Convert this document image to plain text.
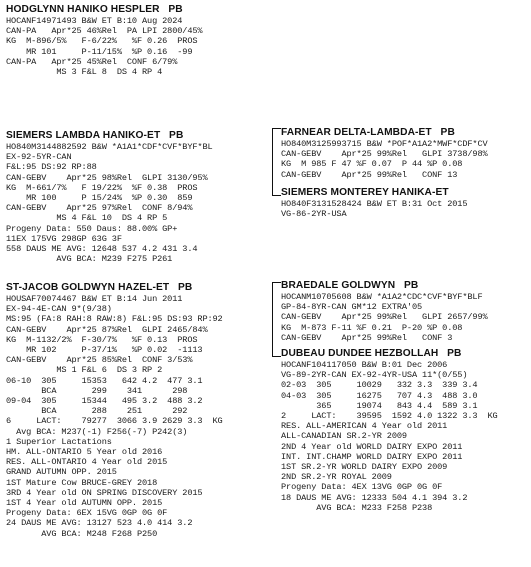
HODGLYNN HANIKO HESPLER   PB
HOCANF14971493 B&W ET B:10 Aug 2024
CAN-PA   Apr*25 46%Rel  PA LPI 2800/45%
KG  M-896/5%   F-6/22%   %F 0.26  PROS
MR 101     P-11/15%  %P 0.16  -99
CAN-PA   Apr*25 45%Rel  CONF 6/79%
MS 3 F&L 8  DS 4 RP 4
SIEMERS LAMBDA HANIKO-ET   PB
HO840M3144882592 B&W *A1A1*CDF*CVF*BYF*BL
EX-92-5YR-CAN
F&L:95 DS:92 RP:88
CAN-GEBV    Apr*25 98%Rel  GLPI 3130/95%
KG  M-661/7%   F 19/22%  %F 0.38  PROS
MR 100     P 15/24%  %P 0.30  859
CAN-GEBV    Apr*25 97%Rel  CONF 8/94%
MS 4 F&L 10  DS 4 RP 5
Progeny Data: 550 Daus: 88.00% GP+
11EX 175VG 298GP 63G 3F
558 DAUS ME AVG: 12648 537 4.2 431 3.4
AVG BCA: M239 F275 P261
FARNEAR DELTA-LAMBDA-ET   PB
HO840M3125993715 B&W *POF*A1A2*MWF*CDF*CV
CAN-GEBV    Apr*25 99%Rel   GLPI 3738/98%
KG  M 985 F 47 %F 0.07  P 44 %P 0.08
CAN-GEBV    Apr*25 99%Rel   CONF 13
SIEMERS MONTEREY HANIKA-ET
HO840F3131528424 B&W ET B:31 Oct 2015
VG-86-2YR-USA
ST-JACOB GOLDWYN HAZEL-ET   PB
HOUSAF70074467 B&W ET B:14 Jun 2011
EX-94-4E-CAN 9*(9/38)
MS:95 (FA:8 RAH:8 RAW:8) F&L:95 DS:93 RP:92
CAN-GEBV    Apr*25 87%Rel  GLPI 2465/84%
KG  M-1132/2%  F-30/7%   %F 0.13  PROS
MR 102     P-37/1%   %P 0.02  -1113
CAN-GEBV    Apr*25 85%Rel  CONF 3/53%
MS 1 F&L 6  DS 3 RP 2
06-10  305     15353   642 4.2  477 3.1
BCA       299    341      298
09-04  305     15344   495 3.2  488 3.2
BCA       288    251      292
6     LACT:    79277  3066 3.9 2629 3.3  KG
Avg BCA: M237(-1) F256(-7) P242(3)
1 Superior Lactations
HM. ALL-ONTARIO 5 Year old 2016
RES. ALL-ONTARIO 4 Year old 2015
GRAND AUTUMN OPP. 2015
1ST Mature Cow BRUCE-GREY 2018
3RD 4 Year old ON SPRING DISCOVERY 2015
1ST 4 Year old AUTUMN OPP. 2015
Progeny Data: 6EX 15VG 0GP 0G 0F
24 DAUS ME AVG: 13127 523 4.0 414 3.2
AVG BCA: M248 F268 P250
BRAEDALE GOLDWYN   PB
HOCANM10705608 B&W *A1A2*CDC*CVF*BYF*BLF
GP-84-8YR-CAN GM*12 EXTRA'05
CAN-GEBV    Apr*25 99%Rel   GLPI 2657/99%
KG  M-873 F-11 %F 0.21  P-20 %P 0.08
CAN-GEBV    Apr*25 99%Rel   CONF 3
DUBEAU DUNDEE HEZBOLLAH   PB
HOCANF104117050 B&W B:01 Dec 2006
VG-89-2YR-CAN EX-92-4YR-USA 11*(0/55)
02-03  305     10029   332 3.3  339 3.4
04-03  305     16275   707 4.3  488 3.0
365     19074   843 4.4  589 3.1
2     LACT:    39595  1592 4.0 1322 3.3  KG
RES. ALL-AMERICAN 4 Year old 2011
ALL-CANADIAN SR.2-YR 2009
2ND 4 Year old WORLD DAIRY EXPO 2011
INT. INT.CHAMP WORLD DAIRY EXPO 2011
1ST SR.2-YR WORLD DAIRY EXPO 2009
2ND SR.2-YR ROYAL 2009
Progeny Data: 4EX 13VG 0GP 0G 0F
18 DAUS ME AVG: 12333 504 4.1 394 3.2
AVG BCA: M233 F258 P238
